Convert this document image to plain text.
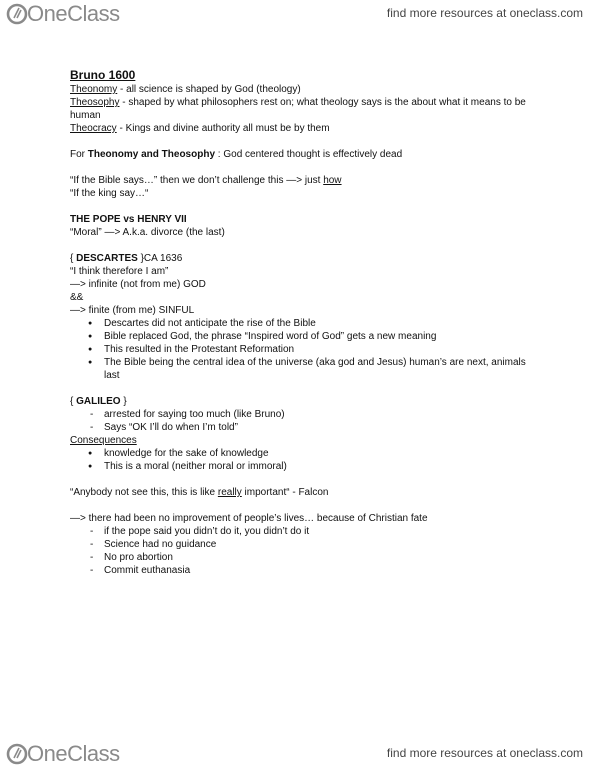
OneClass	find more resources at oneclass.com
Bruno 1600
Theonomy - all science is shaped by God (theology)
Theosophy - shaped by what philosophers rest on; what theology says is the about what it means to be human
Theocracy - Kings and divine authority all must be by them
For Theonomy and Theosophy : God centered thought is effectively dead
“If the Bible says…” then we don’t challenge this —> just how
“If the king say…“
THE POPE vs HENRY VII
“Moral” —> A.k.a. divorce (the last)
{ DESCARTES }CA 1636
“I think therefore I am”
—> infinite (not from me) GOD
&&
—> finite (from me) SINFUL
● Descartes did not anticipate the rise of the Bible
● Bible replaced God, the phrase “Inspired word of God” gets a new meaning
● This resulted in the Protestant Reformation
● The Bible being the central idea of the universe (aka god and Jesus) human’s are next, animals last
{ GALILEO }
- arrested for saying too much (like Bruno)
- Says “OK I’ll do when I’m told”
Consequences
● knowledge for the sake of knowledge
● This is a moral (neither moral or immoral)
“Anybody not see this, this is like really important“ - Falcon
—> there had been no improvement of people’s lives… because of Christian fate
- if the pope said you didn’t do it, you didn’t do it
- Science had no guidance
- No pro abortion
- Commit euthanasia
OneClass	find more resources at oneclass.com
